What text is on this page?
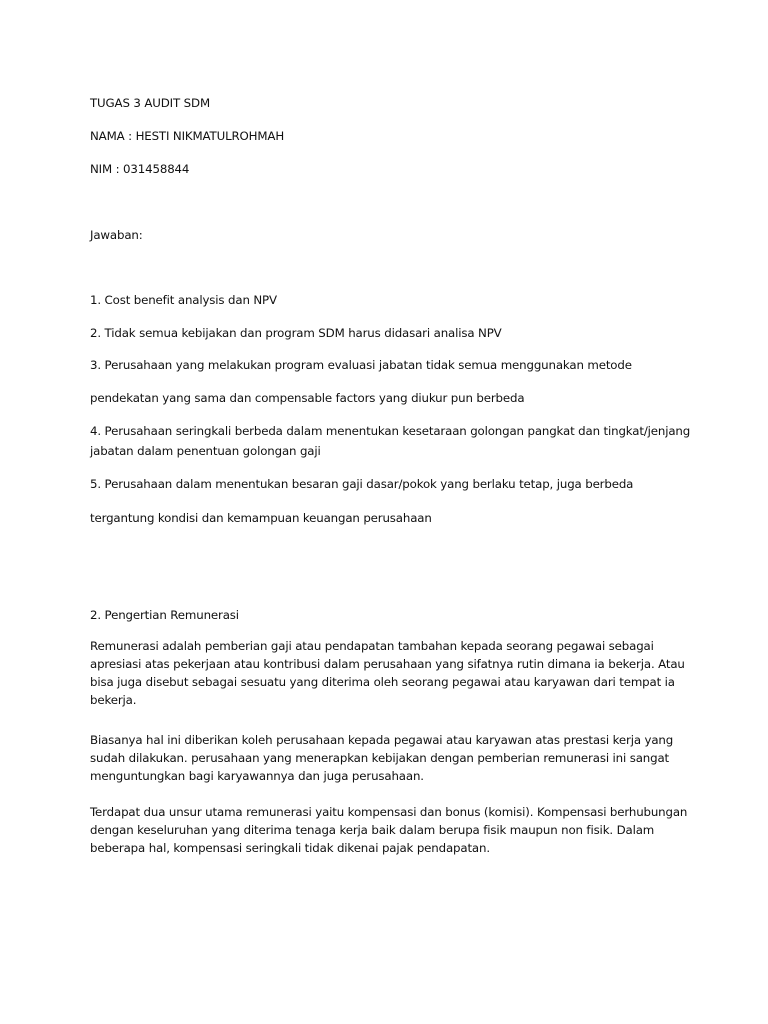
TUGAS 3 AUDIT SDM
NAMA : HESTI NIKMATULROHMAH
NIM : 031458844
Jawaban:
1. Cost benefit analysis dan NPV
2. Tidak semua kebijakan dan program SDM harus didasari analisa NPV
3. Perusahaan yang melakukan program evaluasi jabatan tidak semua menggunakan metode
pendekatan yang sama dan compensable factors yang diukur pun berbeda
4. Perusahaan seringkali berbeda dalam menentukan kesetaraan golongan pangkat dan tingkat/jenjang
jabatan dalam penentuan golongan gaji
5. Perusahaan dalam menentukan besaran gaji dasar/pokok yang berlaku tetap, juga berbeda
tergantung kondisi dan kemampuan keuangan perusahaan
2. Pengertian Remunerasi
Remunerasi adalah pemberian gaji atau pendapatan tambahan kepada seorang pegawai sebagai
apresiasi atas pekerjaan atau kontribusi dalam perusahaan yang sifatnya rutin dimana ia bekerja. Atau
bisa juga disebut sebagai sesuatu yang diterima oleh seorang pegawai atau karyawan dari tempat ia
bekerja.
Biasanya hal ini diberikan koleh perusahaan kepada pegawai atau karyawan atas prestasi kerja yang
sudah dilakukan. perusahaan yang menerapkan kebijakan dengan pemberian remunerasi ini sangat
menguntungkan bagi karyawannya dan juga perusahaan.
Terdapat dua unsur utama remunerasi yaitu kompensasi dan bonus (komisi). Kompensasi berhubungan
dengan keseluruhan yang diterima tenaga kerja baik dalam berupa fisik maupun non fisik. Dalam
beberapa hal, kompensasi seringkali tidak dikenai pajak pendapatan.
